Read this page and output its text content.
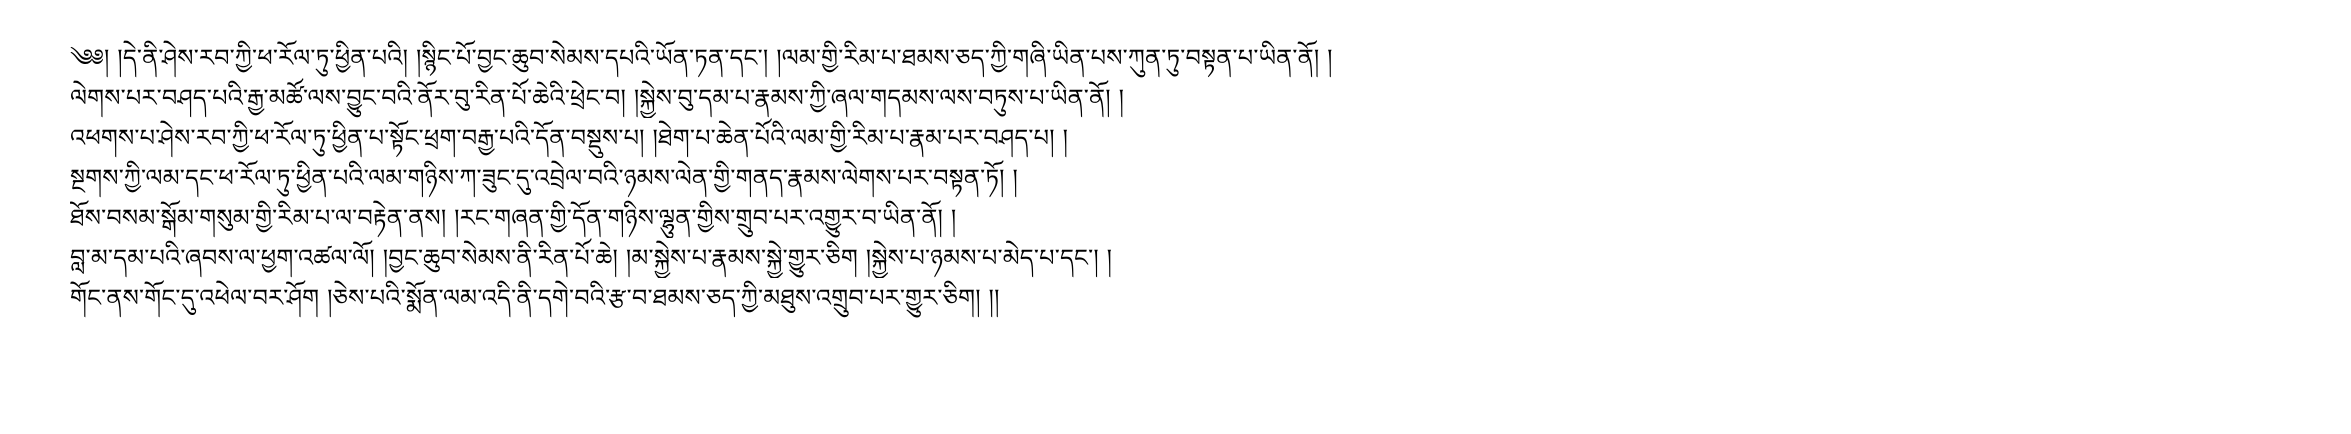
༄༅། །དེ་ནི་ཤེས་རབ་ཀྱི་ཕ་རོལ་ཏུ་ཕྱིན་པའི། །སྙིང་པོ་བྱང་ཆུབ་སེམས་དཔའི་ཡོན་ཏན་དང་། །ལམ་གྱི་རིམ་པ་ཐམས་ཅད་ཀྱི་གཞི་ཡིན་པས་ཀུན་ཏུ་བསྟན་པ་ཡིན་ནོ། །
ལེགས་པར་བཤད་པའི་རྒྱ་མཚོ་ལས་བྱུང་བའི་ནོར་བུ་རིན་པོ་ཆེའི་ཕྲེང་བ། །སྐྱེས་བུ་དམ་པ་རྣམས་ཀྱི་ཞལ་གདམས་ལས་བཏུས་པ་ཡིན་ནོ། །
འཕགས་པ་ཤེས་རབ་ཀྱི་ཕ་རོལ་ཏུ་ཕྱིན་པ་སྟོང་ཕྲག་བརྒྱ་པའི་དོན་བསྡུས་པ། །ཐེག་པ་ཆེན་པོའི་ལམ་གྱི་རིམ་པ་རྣམ་པར་བཤད་པ། །
སྔགས་ཀྱི་ལམ་དང་ཕ་རོལ་ཏུ་ཕྱིན་པའི་ལམ་གཉིས་ཀ་ཟུང་དུ་འབྲེལ་བའི་ཉམས་ལེན་གྱི་གནད་རྣམས་ལེགས་པར་བསྟན་ཏོ། །
ཐོས་བསམ་སྒོམ་གསུམ་གྱི་རིམ་པ་ལ་བརྟེན་ནས། །རང་གཞན་གྱི་དོན་གཉིས་ལྷུན་གྱིས་གྲུབ་པར་འགྱུར་བ་ཡིན་ནོ། །
བླ་མ་དམ་པའི་ཞབས་ལ་ཕྱག་འཚལ་ལོ། །བྱང་ཆུབ་སེམས་ནི་རིན་པོ་ཆེ། །མ་སྐྱེས་པ་རྣམས་སྐྱེ་གྱུར་ཅིག །སྐྱེས་པ་ཉམས་པ་མེད་པ་དང་། །
གོང་ནས་གོང་དུ་འཕེལ་བར་ཤོག །ཅེས་པའི་སྨོན་ལམ་འདི་ནི་དགེ་བའི་རྩ་བ་ཐམས་ཅད་ཀྱི་མཐུས་འགྲུབ་པར་གྱུར་ཅིག། །།
